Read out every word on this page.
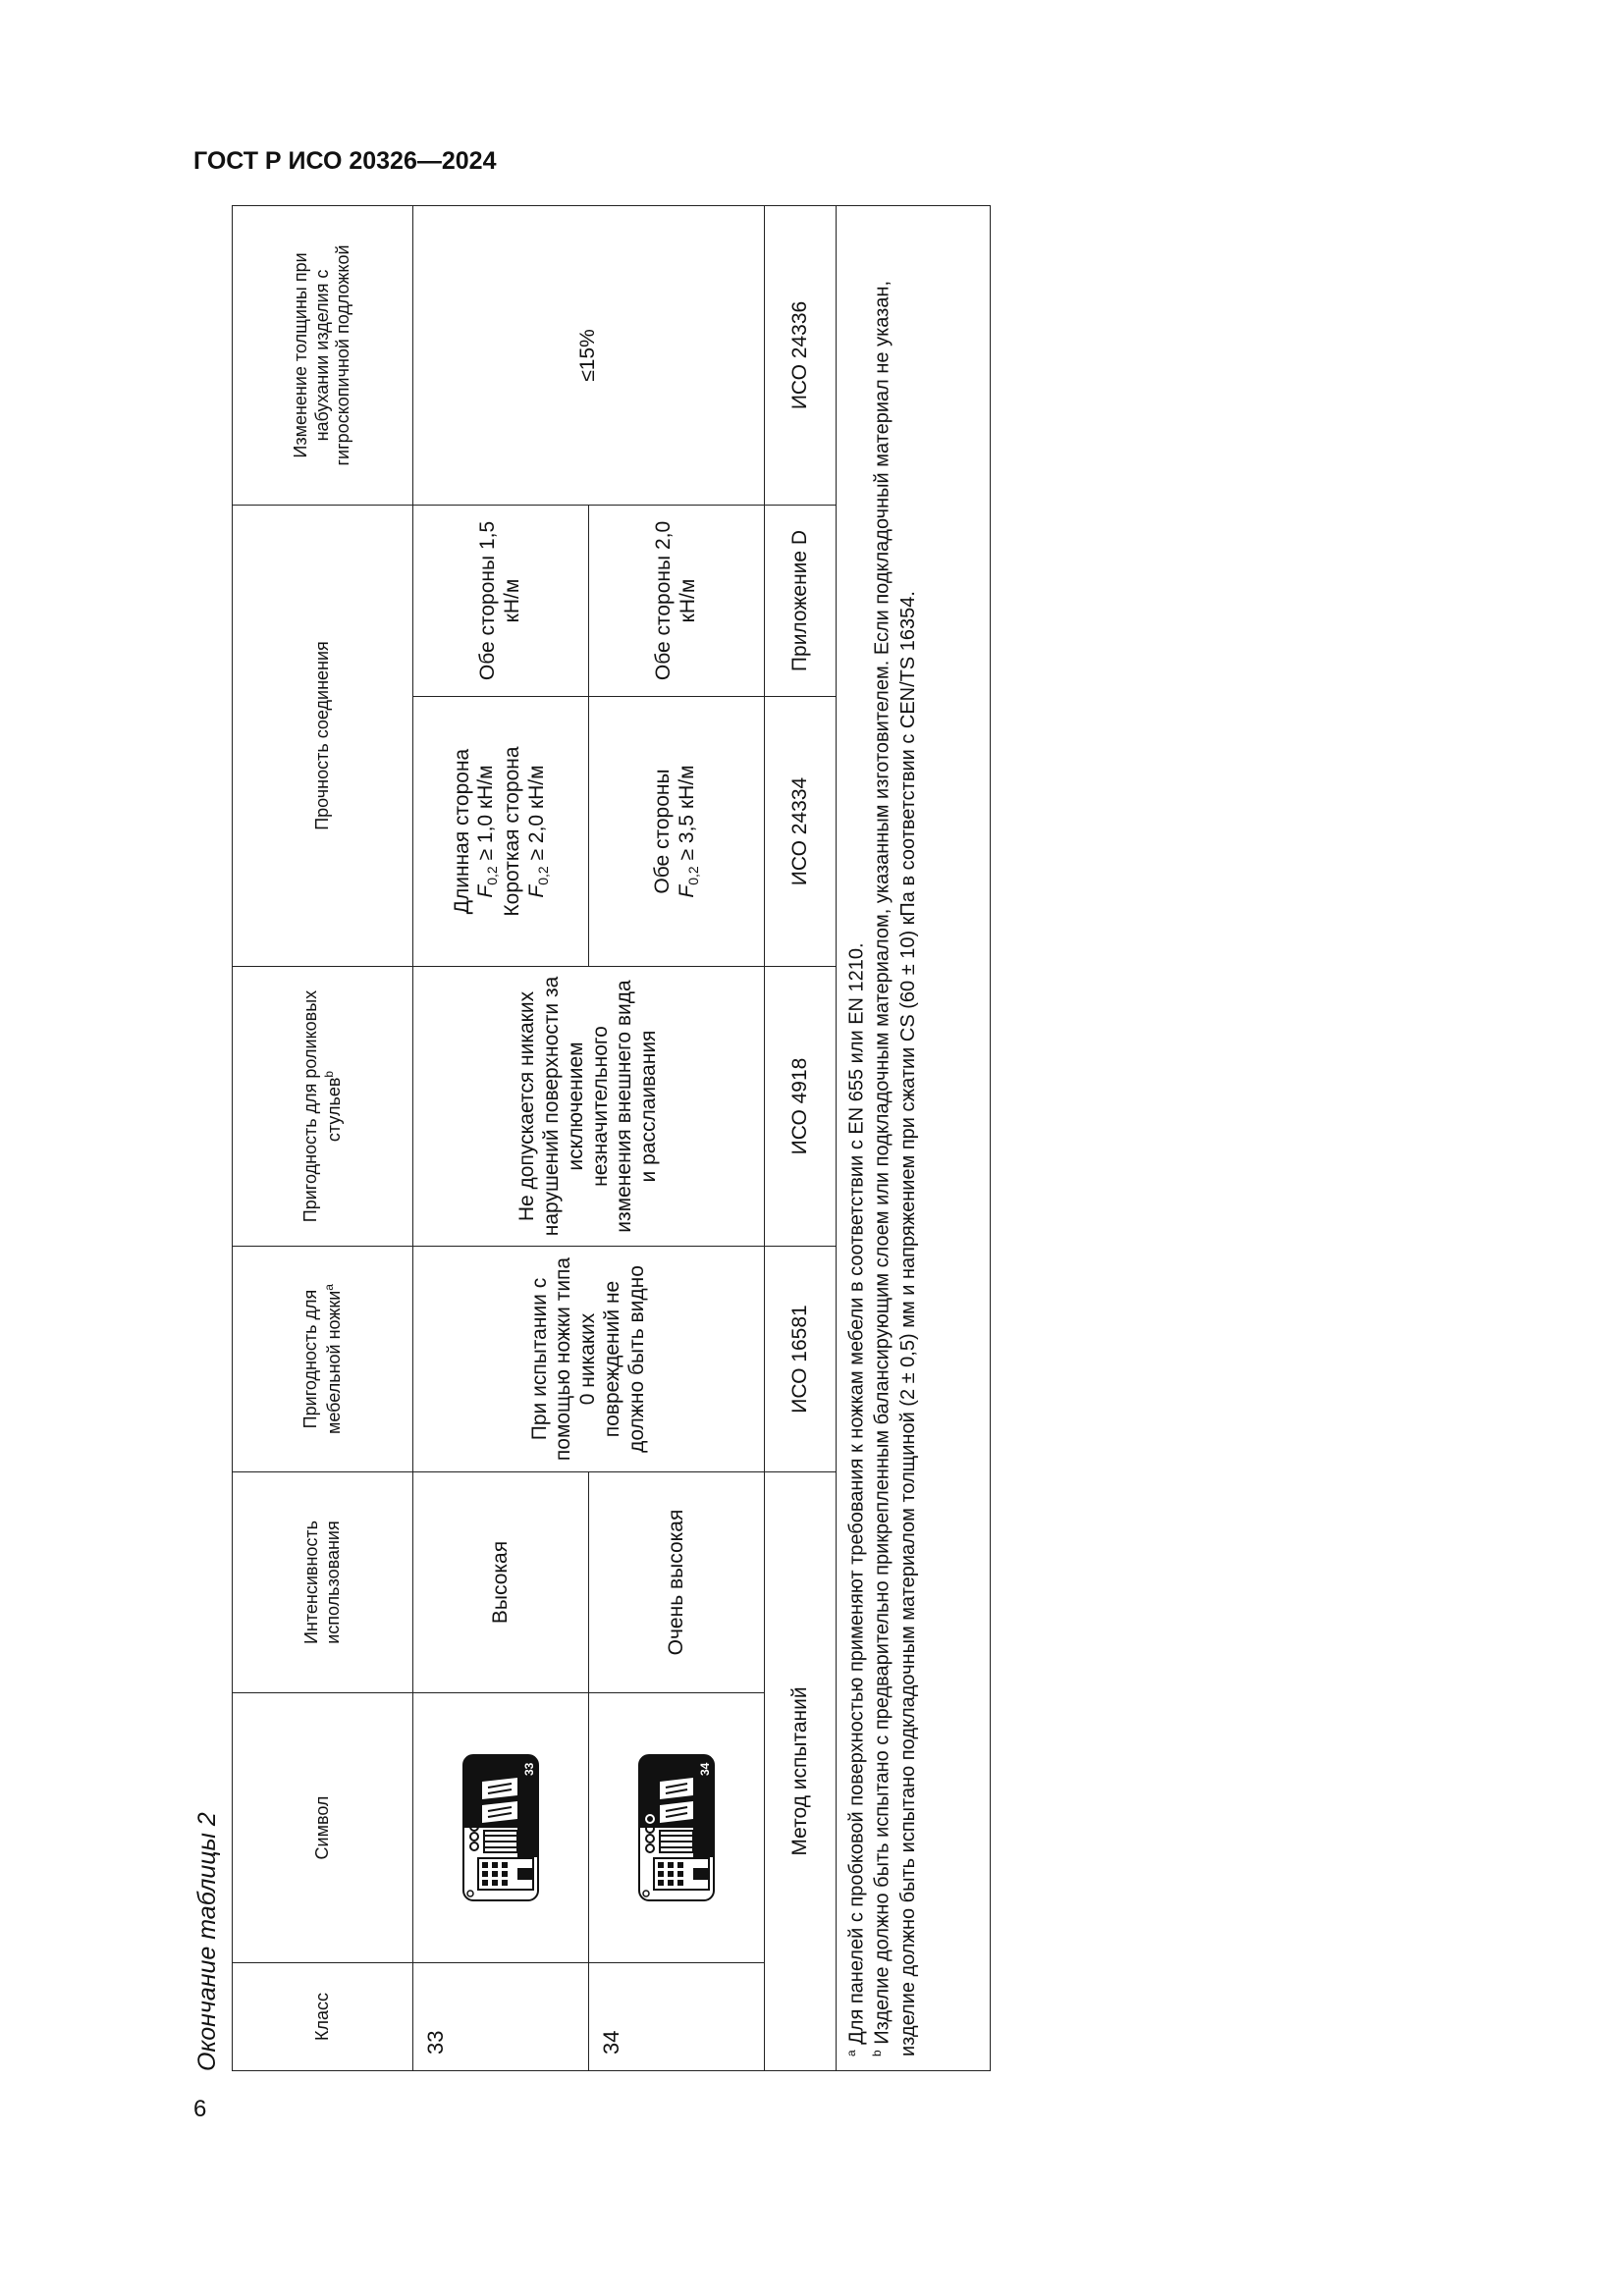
ГОСТ Р ИСО 20326—2024
6
Окончание таблицы 2	Класс	Символ	Интенсивность использования	Пригодность для мебельной ножки$^a$	Пригодность для роликовых стульев$^b$	Прочность соединения		Изменение толщины при набухании изделия с гигроскопичной подложкой
33	33	Высокая	При испытании с помощью ножки типа 0 никаких повреждений не должно быть видно	Не допускается никаких нарушений поверхности за исключением незначительного изменения внешнего вида и расслаивания	Длинная сторона $F_{0,2} \ge 1,0$ кН/м Короткая сторона $F_{0,2} \ge 2,0$ кН/м	Обе стороны 1,5 кН/м	≤15%
34	34	Очень высокая			Обе стороны $F_{0,2} \ge 3,5$ кН/м	Обе стороны 2,0 кН/м	
Метод испытаний			ИСО 16581	ИСО 4918	ИСО 24334	Приложение D	ИСО 24336

$^a$ Для панелей с пробковой поверхностью применяют требования к ножкам мебели в соответствии с EN 655 или EN 1210.
$^b$ Изделие должно быть испытано с предварительно прикрепленным балансирующим слоем или подкладочным материалом, указанным изготовителем. Если подкладочный материал не указан, изделие должно быть испытано подкладочным материалом толщиной (2 ± 0,5) мм и напряжением при сжатии CS (60 ± 10) кПа в соответствии с CEN/TS 16354.							
